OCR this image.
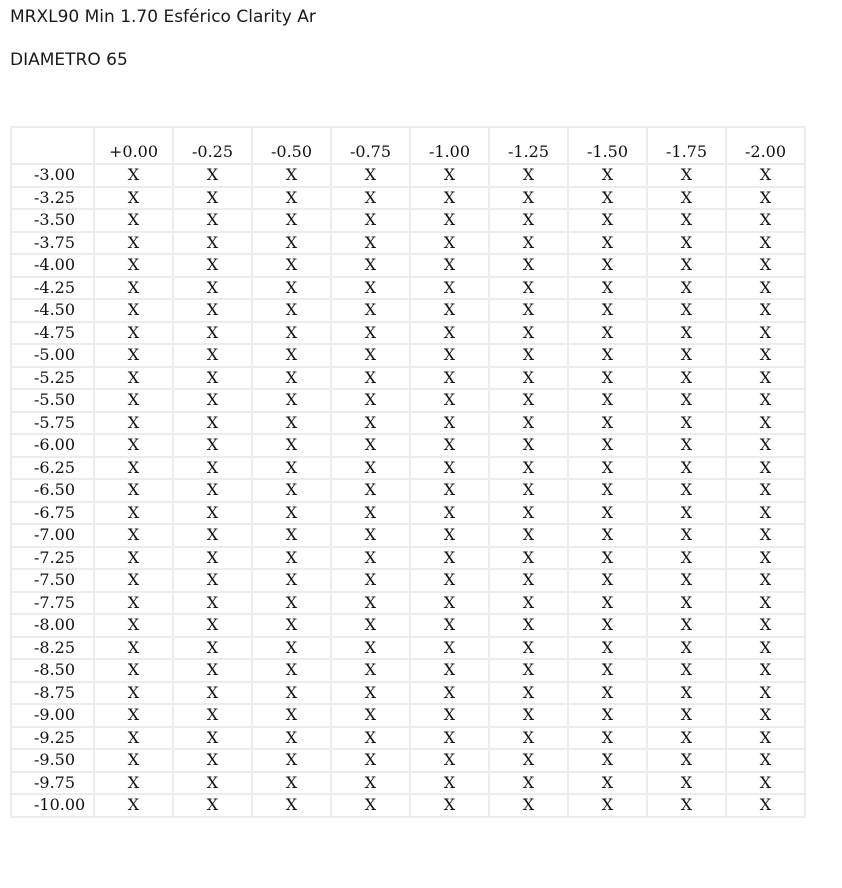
MRXL90 Min 1.70 Esférico Clarity Ar
DIAMETRO 65
	+0.00	-0.25	-0.50	-0.75	-1.00	-1.25	-1.50	-1.75	-2.00
-3.00	X	X	X	X	X	X	X	X	X
-3.25	X	X	X	X	X	X	X	X	X
-3.50	X	X	X	X	X	X	X	X	X
-3.75	X	X	X	X	X	X	X	X	X
-4.00	X	X	X	X	X	X	X	X	X
-4.25	X	X	X	X	X	X	X	X	X
-4.50	X	X	X	X	X	X	X	X	X
-4.75	X	X	X	X	X	X	X	X	X
-5.00	X	X	X	X	X	X	X	X	X
-5.25	X	X	X	X	X	X	X	X	X
-5.50	X	X	X	X	X	X	X	X	X
-5.75	X	X	X	X	X	X	X	X	X
-6.00	X	X	X	X	X	X	X	X	X
-6.25	X	X	X	X	X	X	X	X	X
-6.50	X	X	X	X	X	X	X	X	X
-6.75	X	X	X	X	X	X	X	X	X
-7.00	X	X	X	X	X	X	X	X	X
-7.25	X	X	X	X	X	X	X	X	X
-7.50	X	X	X	X	X	X	X	X	X
-7.75	X	X	X	X	X	X	X	X	X
-8.00	X	X	X	X	X	X	X	X	X
-8.25	X	X	X	X	X	X	X	X	X
-8.50	X	X	X	X	X	X	X	X	X
-8.75	X	X	X	X	X	X	X	X	X
-9.00	X	X	X	X	X	X	X	X	X
-9.25	X	X	X	X	X	X	X	X	X
-9.50	X	X	X	X	X	X	X	X	X
-9.75	X	X	X	X	X	X	X	X	X
-10.00	X	X	X	X	X	X	X	X	X
